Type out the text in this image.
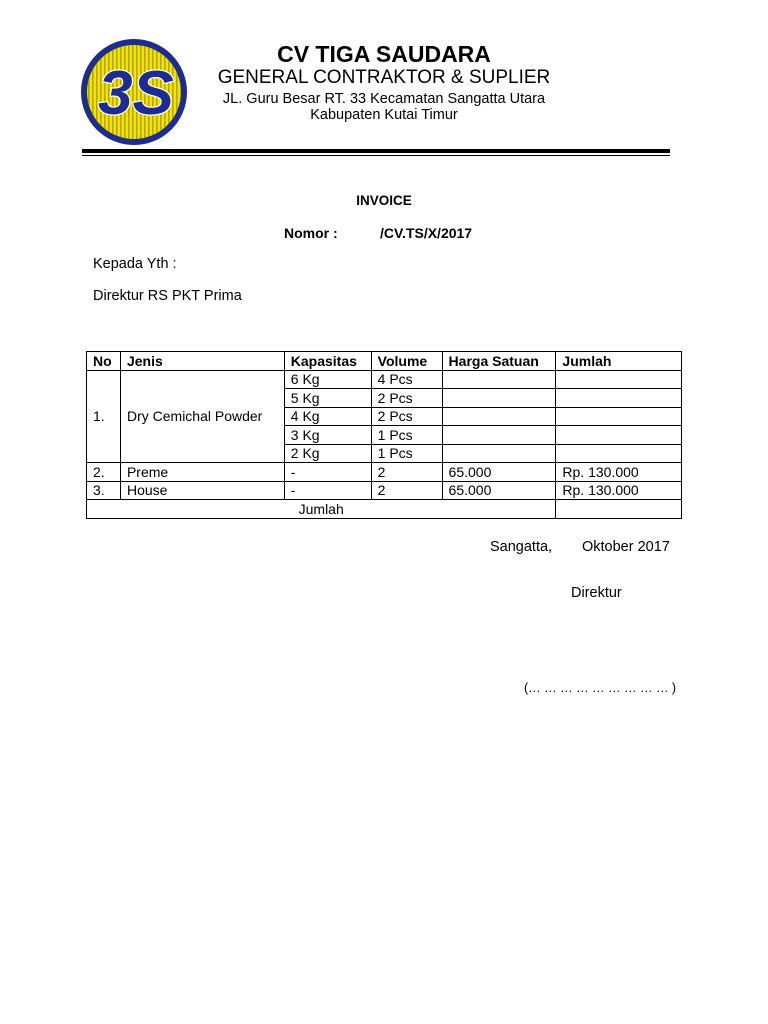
3S
CV TIGA SAUDARA
GENERAL CONTRAKTOR & SUPLIER
JL. Guru Besar RT. 33 Kecamatan Sangatta Utara
Kabupaten Kutai Timur
INVOICE
Nomor :	/CV.TS/X/2017
Kepada Yth :
Direktur RS PKT Prima
No	Jenis	Kapasitas	Volume	Harga Satuan	Jumlah
1.	Dry Cemichal Powder	6 Kg	4 Pcs		
		5 Kg	2 Pcs		
		4 Kg	2 Pcs		
		3 Kg	1 Pcs		
		2 Kg	1 Pcs		
2.	Preme	-	2	65.000	Rp. 130.000
3.	House	-	2	65.000	Rp. 130.000
Jumlah					
Sangatta, Oktober 2017
Direktur
(… … … … … … … … … )
